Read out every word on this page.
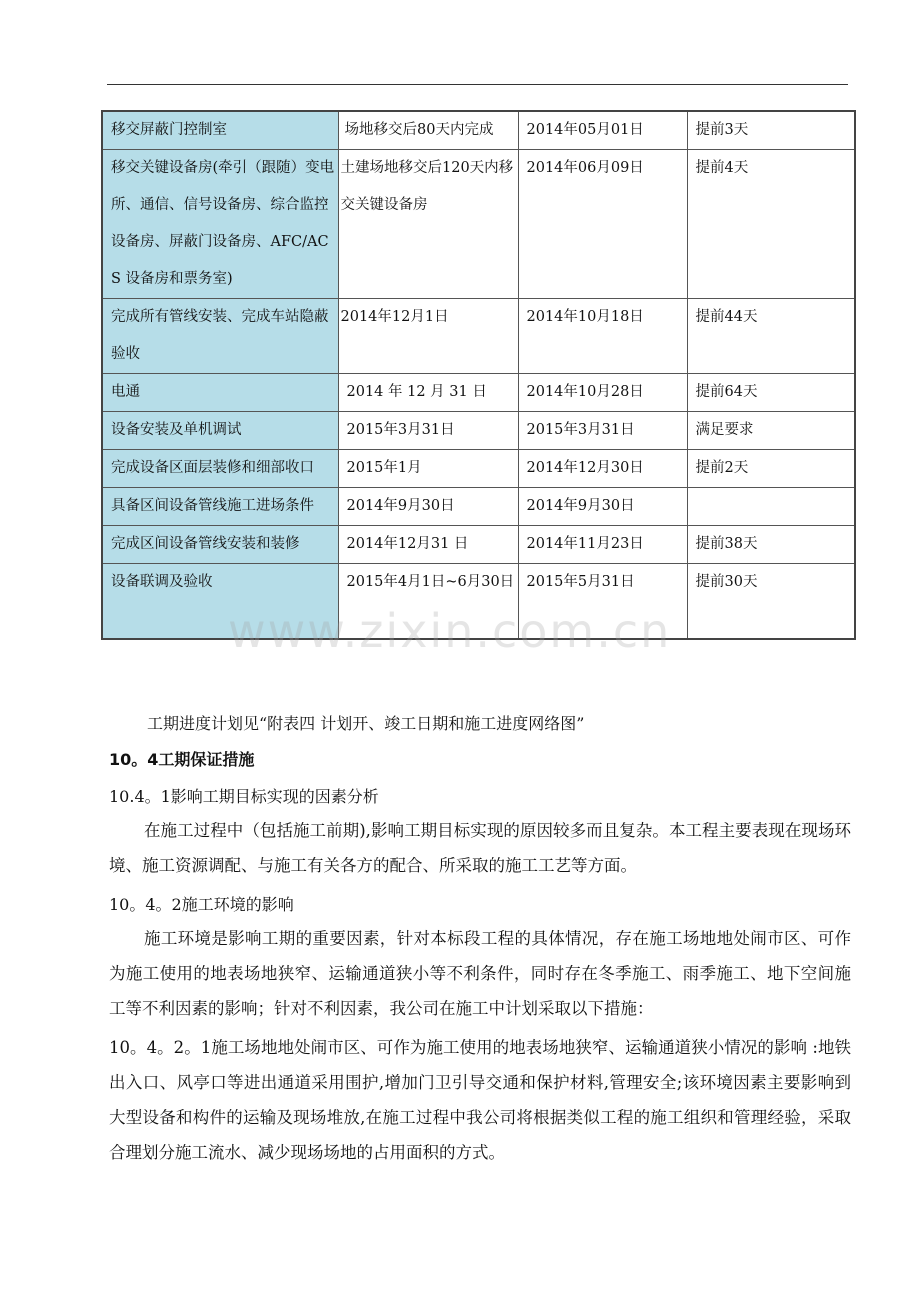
移交屏蔽门控制室	场地移交后80天内完成	2014年05月01日	提前3天
移交关键设备房(牵引（跟随）变电所、通信、信号设备房、综合监控设备房、屏蔽门设备房、AFC/ACS 设备房和票务室)	土建场地移交后120天内移交关键设备房	2014年06月09日	提前4天
完成所有管线安装、完成车站隐蔽验收	2014年12月1日	2014年10月18日	提前44天
电通	2014 年 12 月 31 日	2014年10月28日	提前64天
设备安装及单机调试	2015年3月31日	2015年3月31日	满足要求
完成设备区面层装修和细部收口	2015年1月	2014年12月30日	提前2天
具备区间设备管线施工进场条件	2014年9月30日	2014年9月30日	
完成区间设备管线安装和装修	2014年12月31 日	2014年11月23日	提前38天
设备联调及验收	2015年4月1日~6月30日	2015年5月31日	提前30天
www.zixin.com.cn
工期进度计划见“附表四 计划开、竣工日期和施工进度网络图”
10。4工期保证措施
10.4。1影响工期目标实现的因素分析
在施工过程中（包括施工前期),影响工期目标实现的原因较多而且复杂。本工程主要表现在现场环境、施工资源调配、与施工有关各方的配合、所采取的施工工艺等方面。
10。4。2施工环境的影响
施工环境是影响工期的重要因素，针对本标段工程的具体情况，存在施工场地地处闹市区、可作为施工使用的地表场地狭窄、运输通道狭小等不利条件，同时存在冬季施工、雨季施工、地下空间施工等不利因素的影响；针对不利因素，我公司在施工中计划采取以下措施：
10。4。2。1施工场地地处闹市区、可作为施工使用的地表场地狭窄、运输通道狭小情况的影响 :地铁出入口、风亭口等进出通道采用围护,增加门卫引导交通和保护材料,管理安全;该环境因素主要影响到大型设备和构件的运输及现场堆放,在施工过程中我公司将根据类似工程的施工组织和管理经验，采取合理划分施工流水、减少现场场地的占用面积的方式。
